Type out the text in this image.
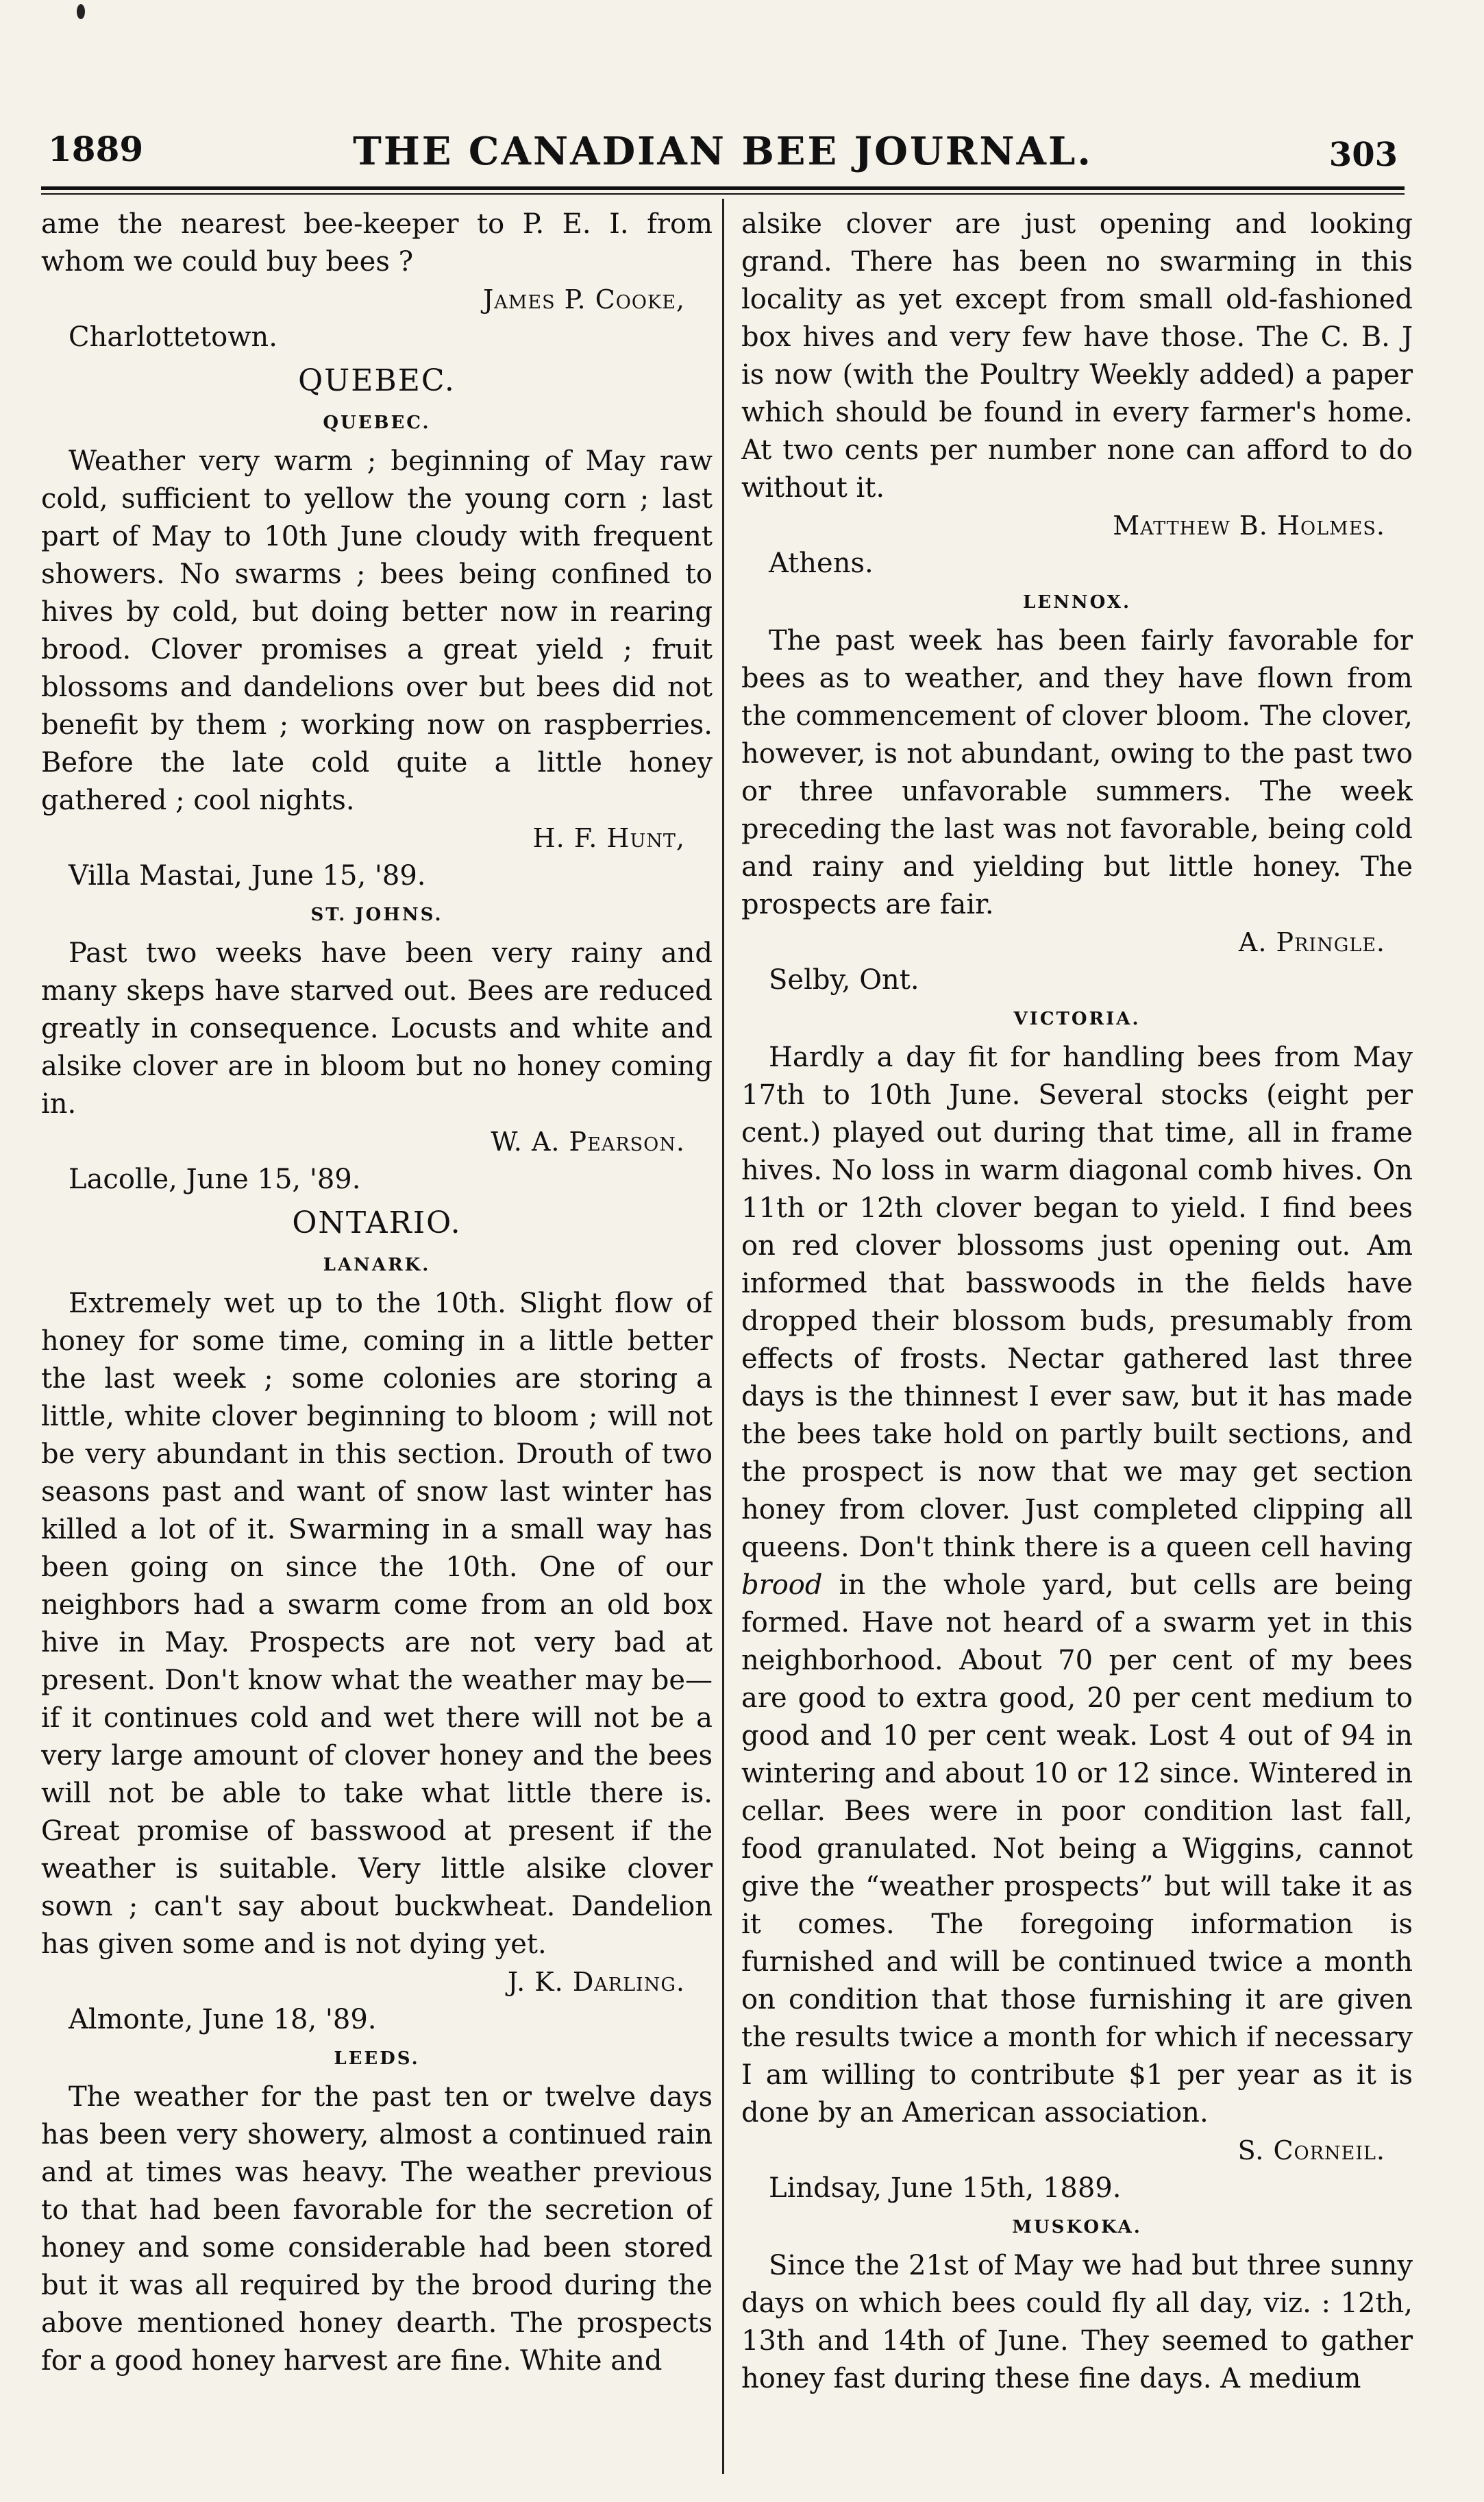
1889	THE CANADIAN BEE JOURNAL.	303

ame the nearest bee-keeper to P. E. I. from whom we could buy bees ?

James P. Cooke,

Charlottetown.

QUEBEC.
QUEBEC.

Weather very warm ; beginning of May raw cold, sufficient to yellow the young corn ; last part of May to 10th June cloudy with frequent showers. No swarms ; bees being confined to hives by cold, but doing better now in rearing brood. Clover promises a great yield ; fruit blossoms and dandelions over but bees did not benefit by them ; working now on raspberries. Before the late cold quite a little honey gathered ; cool nights.

H. F. Hunt,

Villa Mastai, June 15, '89.

ST. JOHNS.

Past two weeks have been very rainy and many skeps have starved out. Bees are reduced greatly in consequence. Locusts and white and alsike clover are in bloom but no honey coming in.

W. A. Pearson.

Lacolle, June 15, '89.

ONTARIO.
LANARK.

Extremely wet up to the 10th. Slight flow of honey for some time, coming in a little better the last week ; some colonies are storing a little, white clover beginning to bloom ; will not be very abundant in this section. Drouth of two seasons past and want of snow last winter has killed a lot of it. Swarming in a small way has been going on since the 10th. One of our neighbors had a swarm come from an old box hive in May. Prospects are not very bad at present. Don't know what the weather may be—if it continues cold and wet there will not be a very large amount of clover honey and the bees will not be able to take what little there is. Great promise of basswood at present if the weather is suitable. Very little alsike clover sown ; can't say about buckwheat. Dandelion has given some and is not dying yet.

J. K. Darling.

Almonte, June 18, '89.

LEEDS.

The weather for the past ten or twelve days has been very showery, almost a continued rain and at times was heavy. The weather previous to that had been favorable for the secretion of honey and some considerable had been stored but it was all required by the brood during the above mentioned honey dearth. The prospects for a good honey harvest are fine. White and

alsike clover are just opening and looking grand. There has been no swarming in this locality as yet except from small old-fashioned box hives and very few have those. The C. B. J is now (with the Poultry Weekly added) a paper which should be found in every farmer's home. At two cents per number none can afford to do without it.

Matthew B. Holmes.

Athens.

LENNOX.

The past week has been fairly favorable for bees as to weather, and they have flown from the commencement of clover bloom. The clover, however, is not abundant, owing to the past two or three unfavorable summers. The week preceding the last was not favorable, being cold and rainy and yielding but little honey. The prospects are fair.

A. Pringle.

Selby, Ont.

VICTORIA.

Hardly a day fit for handling bees from May 17th to 10th June. Several stocks (eight per cent.) played out during that time, all in frame hives. No loss in warm diagonal comb hives. On 11th or 12th clover began to yield. I find bees on red clover blossoms just opening out. Am informed that basswoods in the fields have dropped their blossom buds, presumably from effects of frosts. Nectar gathered last three days is the thinnest I ever saw, but it has made the bees take hold on partly built sections, and the prospect is now that we may get section honey from clover. Just completed clipping all queens. Don't think there is a queen cell having brood in the whole yard, but cells are being formed. Have not heard of a swarm yet in this neighborhood. About 70 per cent of my bees are good to extra good, 20 per cent medium to good and 10 per cent weak. Lost 4 out of 94 in wintering and about 10 or 12 since. Wintered in cellar. Bees were in poor condition last fall, food granulated. Not being a Wiggins, cannot give the “weather prospects” but will take it as it comes. The foregoing information is furnished and will be continued twice a month on condition that those furnishing it are given the results twice a month for which if necessary I am willing to contribute $1 per year as it is done by an American association.

S. Corneil.

Lindsay, June 15th, 1889.

MUSKOKA.

Since the 21st of May we had but three sunny days on which bees could fly all day, viz. : 12th, 13th and 14th of June. They seemed to gather honey fast during these fine days. A medium
